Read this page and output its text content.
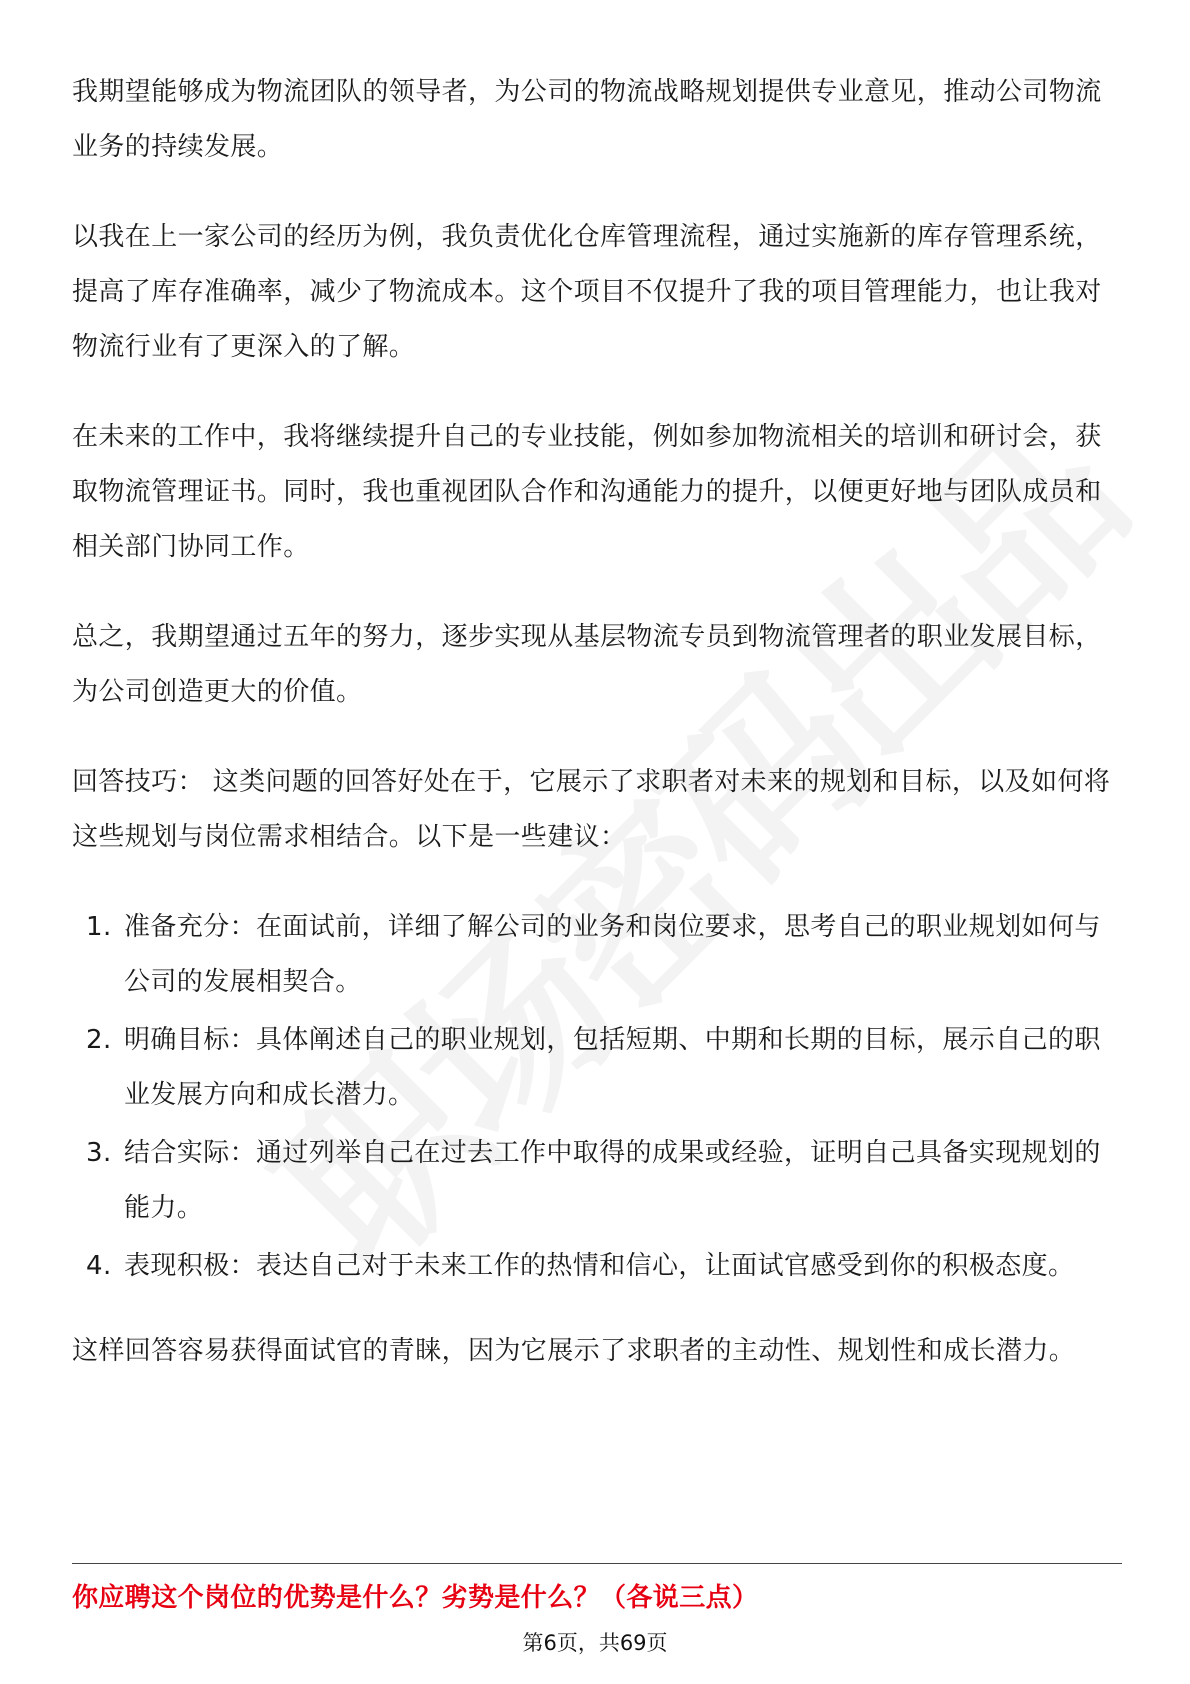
我期望能够成为物流团队的领导者，为公司的物流战略规划提供专业意见，推动公司物流业务的持续发展。

以我在上一家公司的经历为例，我负责优化仓库管理流程，通过实施新的库存管理系统，提高了库存准确率，减少了物流成本。这个项目不仅提升了我的项目管理能力，也让我对物流行业有了更深入的了解。

在未来的工作中，我将继续提升自己的专业技能，例如参加物流相关的培训和研讨会，获取物流管理证书。同时，我也重视团队合作和沟通能力的提升，以便更好地与团队成员和相关部门协同工作。

总之，我期望通过五年的努力，逐步实现从基层物流专员到物流管理者的职业发展目标，为公司创造更大的价值。

回答技巧： 这类问题的回答好处在于，它展示了求职者对未来的规划和目标，以及如何将这些规划与岗位需求相结合。以下是一些建议：

1. 准备充分：在面试前，详细了解公司的业务和岗位要求，思考自己的职业规划如何与公司的发展相契合。
2. 明确目标：具体阐述自己的职业规划，包括短期、中期和长期的目标，展示自己的职业发展方向和成长潜力。
3. 结合实际：通过列举自己在过去工作中取得的成果或经验，证明自己具备实现规划的能力。
4. 表现积极：表达自己对于未来工作的热情和信心，让面试官感受到你的积极态度。

这样回答容易获得面试官的青睐，因为它展示了求职者的主动性、规划性和成长潜力。

你应聘这个岗位的优势是什么？劣势是什么？（各说三点）
第6页，共69页
